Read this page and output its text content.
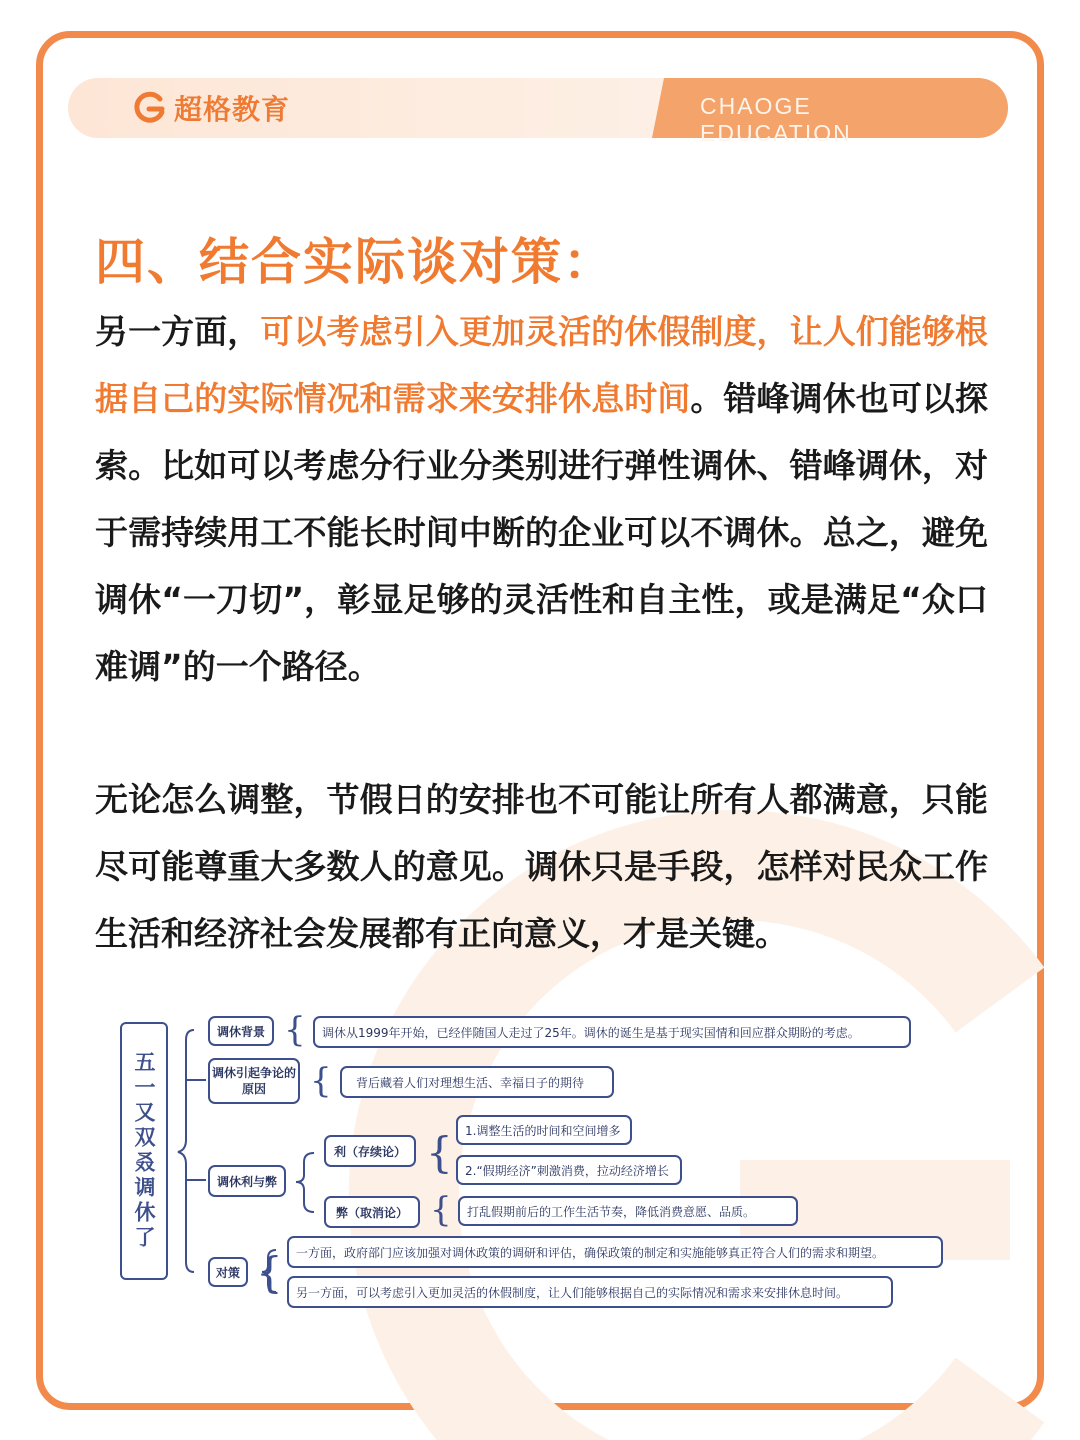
超格教育	CHAOGE EDUCATION
四、结合实际谈对策：
另一方面，可以考虑引入更加灵活的休假制度，让人们能够根据自己的实际情况和需求来安排休息时间。错峰调休也可以探索。比如可以考虑分行业分类别进行弹性调休、错峰调休，对于需持续用工不能长时间中断的企业可以不调休。总之，避免调休“一刀切”，彰显足够的灵活性和自主性，或是满足“众口难调”的一个路径。
无论怎么调整，节假日的安排也不可能让所有人都满意，只能尽可能尊重大多数人的意见。调休只是手段，怎样对民众工作生活和经济社会发展都有正向意义，才是关键。
五一又双叒调休了
调休背景 { 调休从1999年开始，已经伴随国人走过了25年。调休的诞生是基于现实国情和回应群众期盼的考虑。
调休引起争论的原因	{ 背后藏着人们对理想生活、幸福日子的期待
调休利与弊
利（存续论） { 1.调整生活的时间和空间增多
2.“假期经济”刺激消费，拉动经济增长
弊（取消论） { 打乱假期前后的工作生活节奏，降低消费意愿、品质。
对策 { 一方面，政府部门应该加强对调休政策的调研和评估，确保政策的制定和实施能够真正符合人们的需求和期望。
另一方面，可以考虑引入更加灵活的休假制度，让人们能够根据自己的实际情况和需求来安排休息时间。
